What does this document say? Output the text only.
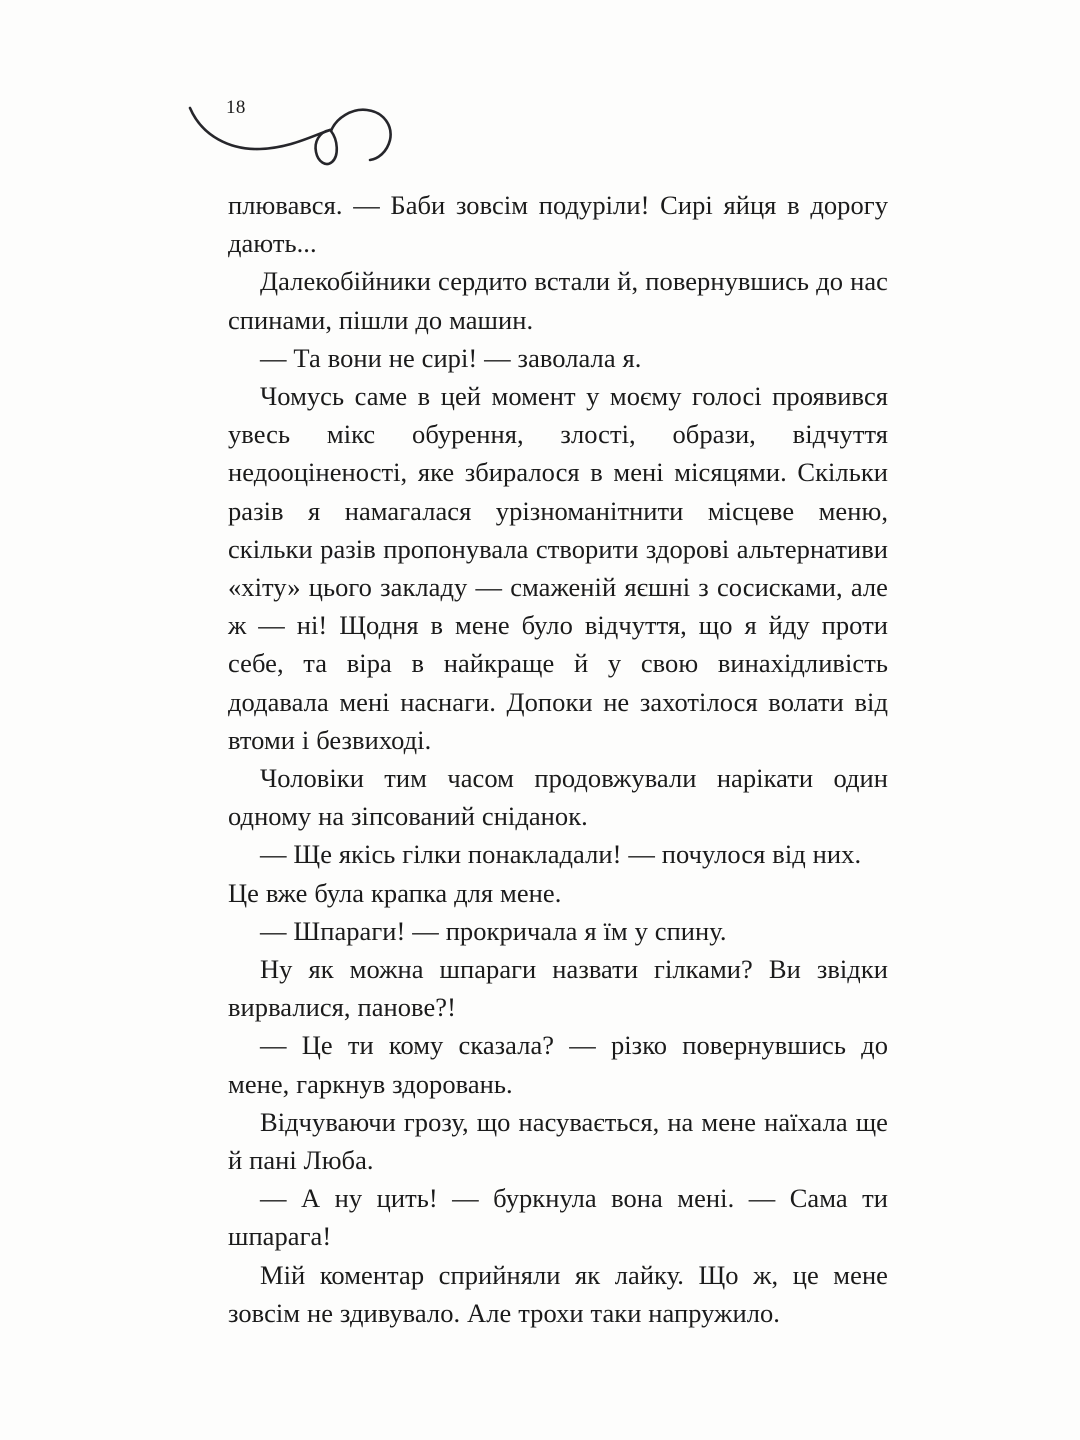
18

плювався. — Баби зовсім подуріли! Сирі яйця в дорогу дають...

Далекобійники сердито встали й, повернувшись до нас спинами, пішли до машин.

— Та вони не сирі! — заволала я.

Чомусь саме в цей момент у моєму голосі проявився увесь мікс обурення, злості, образи, відчуття недооціненості, яке збиралося в мені місяцями. Скільки разів я намагалася урізноманітнити місцеве меню, скільки разів пропонувала створити здорові альтернативи «хіту» цього закладу — смаженій яєшні з сосисками, але ж — ні! Щодня в мене було відчуття, що я йду проти себе, та віра в найкраще й у свою винахідливість додавала мені наснаги. Допоки не захотілося волати від втоми і безвиході.

Чоловіки тим часом продовжували нарікати один одному на зіпсований сніданок.

— Ще якісь гілки понакладали! — почулося від них. Це вже була крапка для мене.

— Шпараги! — прокричала я їм у спину.

Ну як можна шпараги назвати гілками? Ви звідки вирвалися, панове?!

— Це ти кому сказала? — різко повернувшись до мене, гаркнув здоровань.

Відчуваючи грозу, що насувається, на мене наїхала ще й пані Люба.

— А ну цить! — буркнула вона мені. — Сама ти шпарага!

Мій коментар сприйняли як лайку. Що ж, це мене зовсім не здивувало. Але трохи таки напружило.
